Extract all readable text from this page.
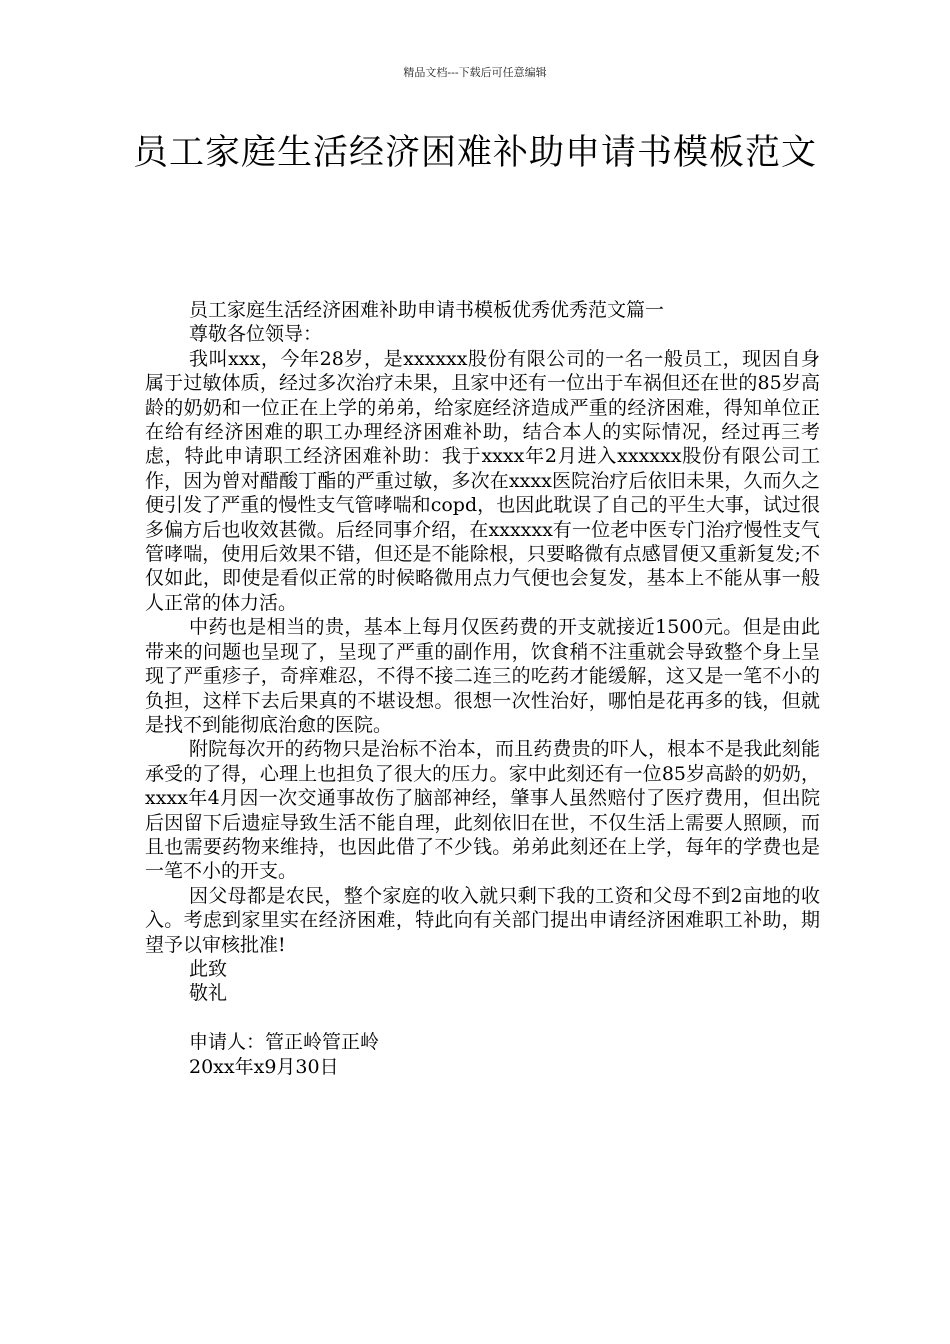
精品文档---下载后可任意编辑
员工家庭生活经济困难补助申请书模板范文

员工家庭生活经济困难补助申请书模板优秀优秀范文篇一

尊敬各位领导：

我叫xxx，今年28岁，是xxxxxx股份有限公司的一名一般员工，现因自身属于过敏体质，经过多次治疗未果，且家中还有一位出于车祸但还在世的85岁高龄的奶奶和一位正在上学的弟弟，给家庭经济造成严重的经济困难，得知单位正在给有经济困难的职工办理经济困难补助，结合本人的实际情况，经过再三考虑，特此申请职工经济困难补助：我于xxxx年2月进入xxxxxx股份有限公司工作，因为曾对醋酸丁酯的严重过敏，多次在xxxx医院治疗后依旧未果，久而久之便引发了严重的慢性支气管哮喘和copd，也因此耽误了自己的平生大事，试过很多偏方后也收效甚微。后经同事介绍，在xxxxxx有一位老中医专门治疗慢性支气管哮喘，使用后效果不错，但还是不能除根，只要略微有点感冒便又重新复发;不仅如此，即使是看似正常的时候略微用点力气便也会复发，基本上不能从事一般人正常的体力活。

中药也是相当的贵，基本上每月仅医药费的开支就接近1500元。但是由此带来的问题也呈现了，呈现了严重的副作用，饮食稍不注重就会导致整个身上呈现了严重疹子，奇痒难忍，不得不接二连三的吃药才能缓解，这又是一笔不小的负担，这样下去后果真的不堪设想。很想一次性治好，哪怕是花再多的钱，但就是找不到能彻底治愈的医院。

附院每次开的药物只是治标不治本，而且药费贵的吓人，根本不是我此刻能承受的了得，心理上也担负了很大的压力。家中此刻还有一位85岁高龄的奶奶，xxxx年4月因一次交通事故伤了脑部神经，肇事人虽然赔付了医疗费用，但出院后因留下后遗症导致生活不能自理，此刻依旧在世，不仅生活上需要人照顾，而且也需要药物来维持，也因此借了不少钱。弟弟此刻还在上学，每年的学费也是一笔不小的开支。

因父母都是农民，整个家庭的收入就只剩下我的工资和父母不到2亩地的收入。考虑到家里实在经济困难，特此向有关部门提出申请经济困难职工补助，期望予以审核批准!

此致

敬礼

申请人：管正岭管正岭

20xx年x9月30日
